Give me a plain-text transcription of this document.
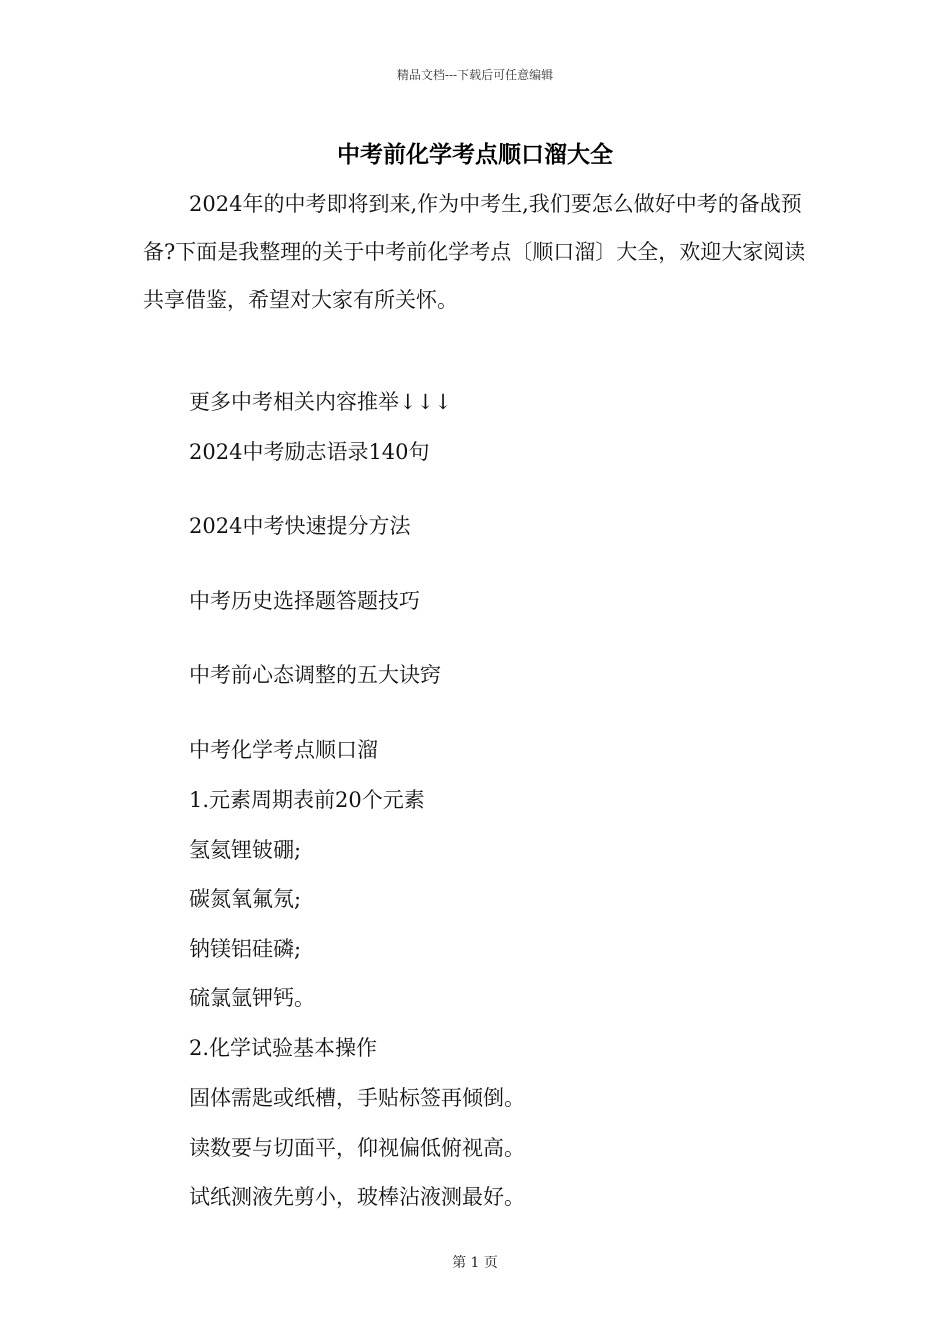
精品文档---下载后可任意编辑
中考前化学考点顺口溜大全

2024年的中考即将到来,作为中考生,我们要怎么做好中考的备战预备?下面是我整理的关于中考前化学考点〔顺口溜〕大全，欢迎大家阅读共享借鉴，希望对大家有所关怀。

更多中考相关内容推举↓↓↓

2024中考励志语录140句

2024中考快速提分方法

中考历史选择题答题技巧

中考前心态调整的五大诀窍

中考化学考点顺口溜

1.元素周期表前20个元素

氢氦锂铍硼;

碳氮氧氟氖;

钠镁铝硅磷;

硫氯氩钾钙。

2.化学试验基本操作

固体需匙或纸槽，手贴标签再倾倒。

读数要与切面平，仰视偏低俯视高。

试纸测液先剪小，玻棒沾液测最好。

第 1 页
